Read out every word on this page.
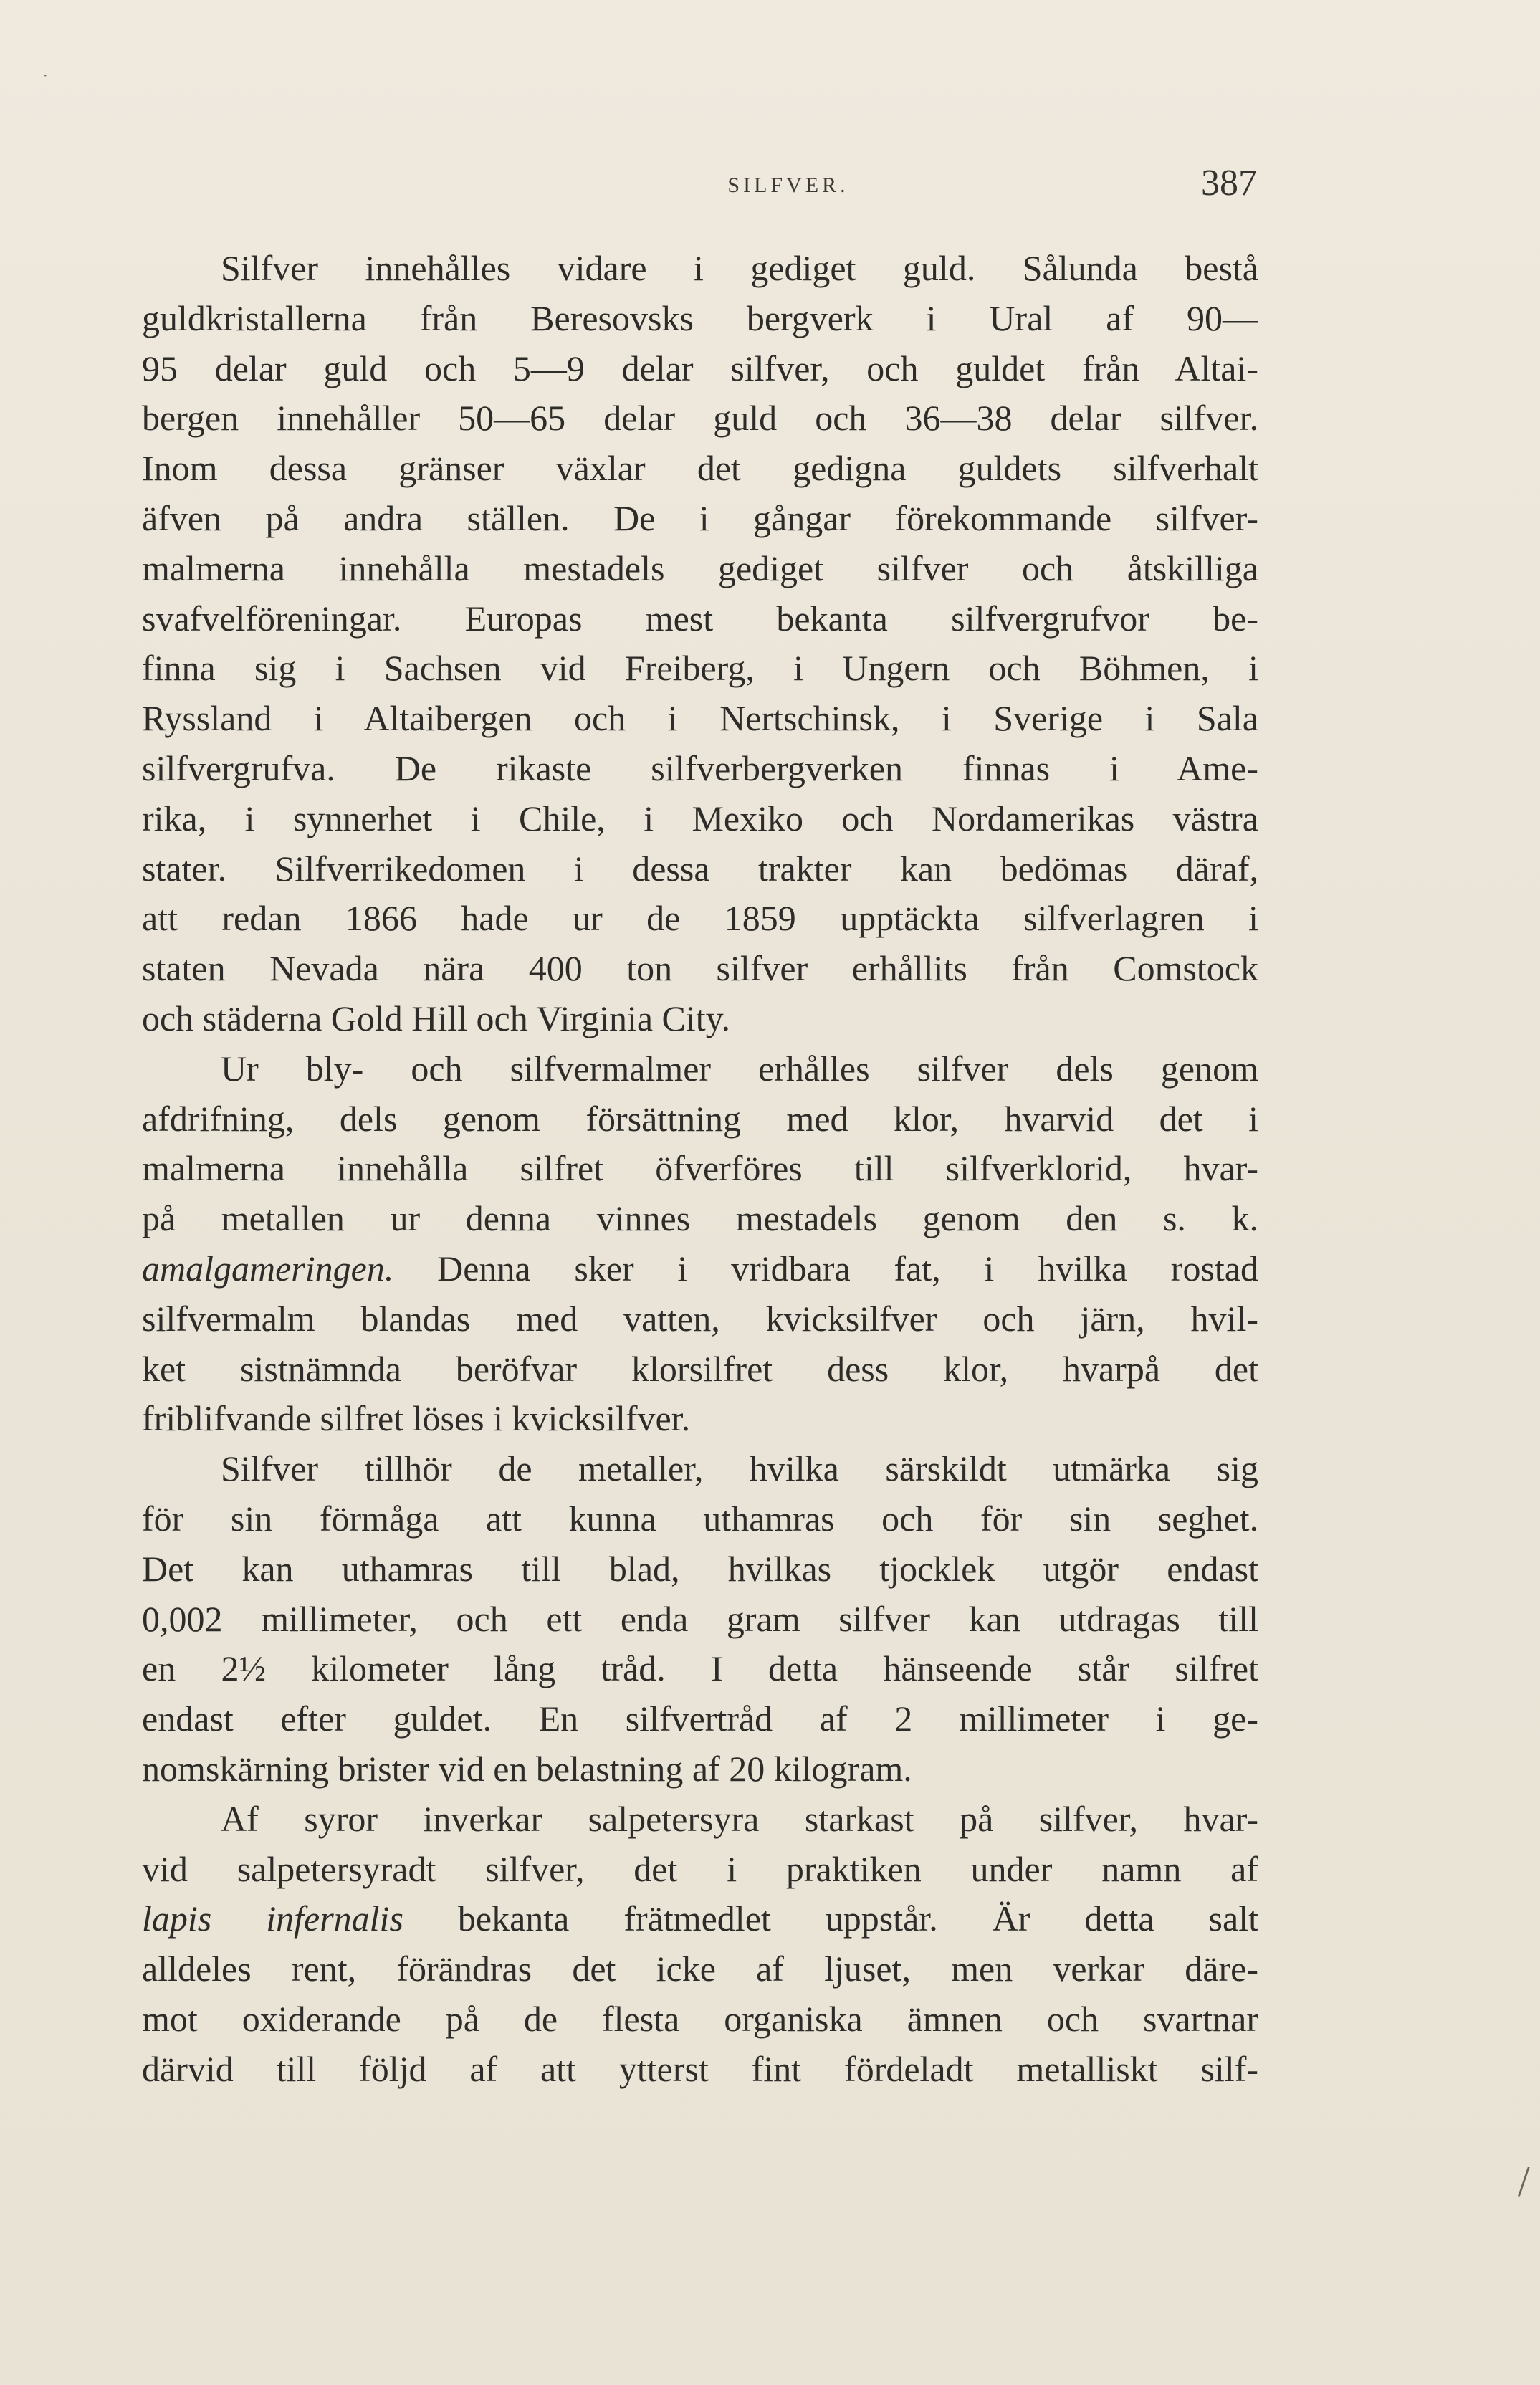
SILFVER.	387
Silfver innehålles vidare i gediget guld. Sålunda bestå
guldkristallerna från Beresovsks bergverk i Ural af 90—
95 delar guld och 5—9 delar silfver, och guldet från Altai-
bergen innehåller 50—65 delar guld och 36—38 delar silfver.
Inom dessa gränser växlar det gedigna guldets silfverhalt
äfven på andra ställen. De i gångar förekommande silfver-
malmerna innehålla mestadels gediget silfver och åtskilliga
svafvelföreningar. Europas mest bekanta silfvergrufvor be-
finna sig i Sachsen vid Freiberg, i Ungern och Böhmen, i
Ryssland i Altaibergen och i Nertschinsk, i Sverige i Sala
silfvergrufva. De rikaste silfverbergverken finnas i Ame-
rika, i synnerhet i Chile, i Mexiko och Nordamerikas västra
stater. Silfverrikedomen i dessa trakter kan bedömas däraf,
att redan 1866 hade ur de 1859 upptäckta silfverlagren i
staten Nevada nära 400 ton silfver erhållits från Comstock
och städerna Gold Hill och Virginia City.
Ur bly- och silfvermalmer erhålles silfver dels genom
afdrifning, dels genom försättning med klor, hvarvid det i
malmerna innehålla silfret öfverföres till silfverklorid, hvar-
på metallen ur denna vinnes mestadels genom den s. k.
amalgameringen. Denna sker i vridbara fat, i hvilka rostad
silfvermalm blandas med vatten, kvicksilfver och järn, hvil-
ket sistnämnda beröfvar klorsilfret dess klor, hvarpå det
friblifvande silfret löses i kvicksilfver.
Silfver tillhör de metaller, hvilka särskildt utmärka sig
för sin förmåga att kunna uthamras och för sin seghet.
Det kan uthamras till blad, hvilkas tjocklek utgör endast
0,002 millimeter, och ett enda gram silfver kan utdragas till
en 2½ kilometer lång tråd. I detta hänseende står silfret
endast efter guldet. En silfvertråd af 2 millimeter i ge-
nomskärning brister vid en belastning af 20 kilogram.
Af syror inverkar salpetersyra starkast på silfver, hvar-
vid salpetersyradt silfver, det i praktiken under namn af
lapis infernalis bekanta frätmedlet uppstår. Är detta salt
alldeles rent, förändras det icke af ljuset, men verkar däre-
mot oxiderande på de flesta organiska ämnen och svartnar
därvid till följd af att ytterst fint fördeladt metalliskt silf-
/
·
